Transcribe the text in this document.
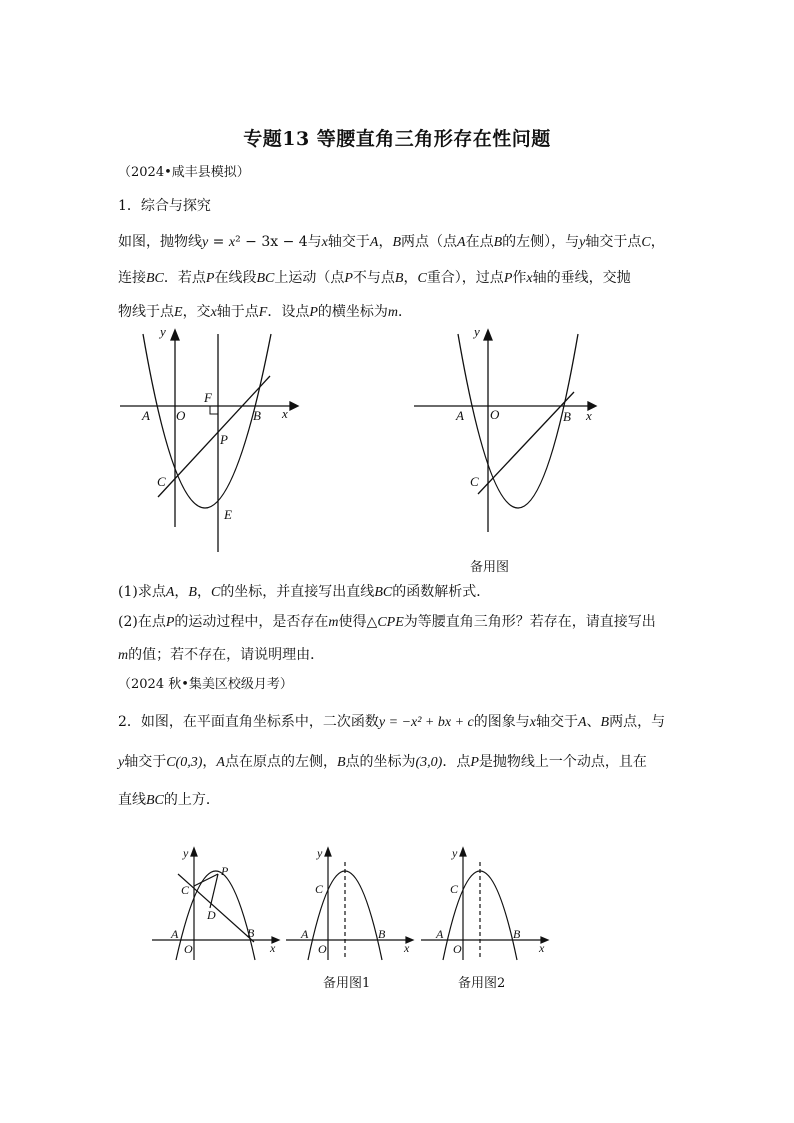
专题13 等腰直角三角形存在性问题
（2024•咸丰县模拟）
1．综合与探究
如图，抛物线y = x² − 3x − 4与x轴交于A，B两点（点A在点B的左侧），与y轴交于点C，
连接BC．若点P在线段BC上运动（点P不与点B，C重合），过点P作x轴的垂线，交抛
物线于点E，交x轴于点F．设点P的横坐标为m．
y
x
O
A	B
C
F
P
E
y
x
O
A	B
C
备用图
(1)求点A，B，C的坐标，并直接写出直线BC的函数解析式．
(2)在点P的运动过程中，是否存在m使得△CPE为等腰直角三角形？若存在，请直接写出
m的值；若不存在，请说明理由．
（2024 秋•集美区校级月考）
2．如图，在平面直角坐标系中，二次函数y = −x² + bx + c的图象与x轴交于A、B两点，与
y轴交于C(0,3)，A点在原点的左侧，B点的坐标为(3,0)．点P是抛物线上一个动点，且在
直线BC的上方．
y
x
O
A	B
C
P
D
y
x
O
A	B
C
备用图1
y
x
O
A	B
C
备用图2
